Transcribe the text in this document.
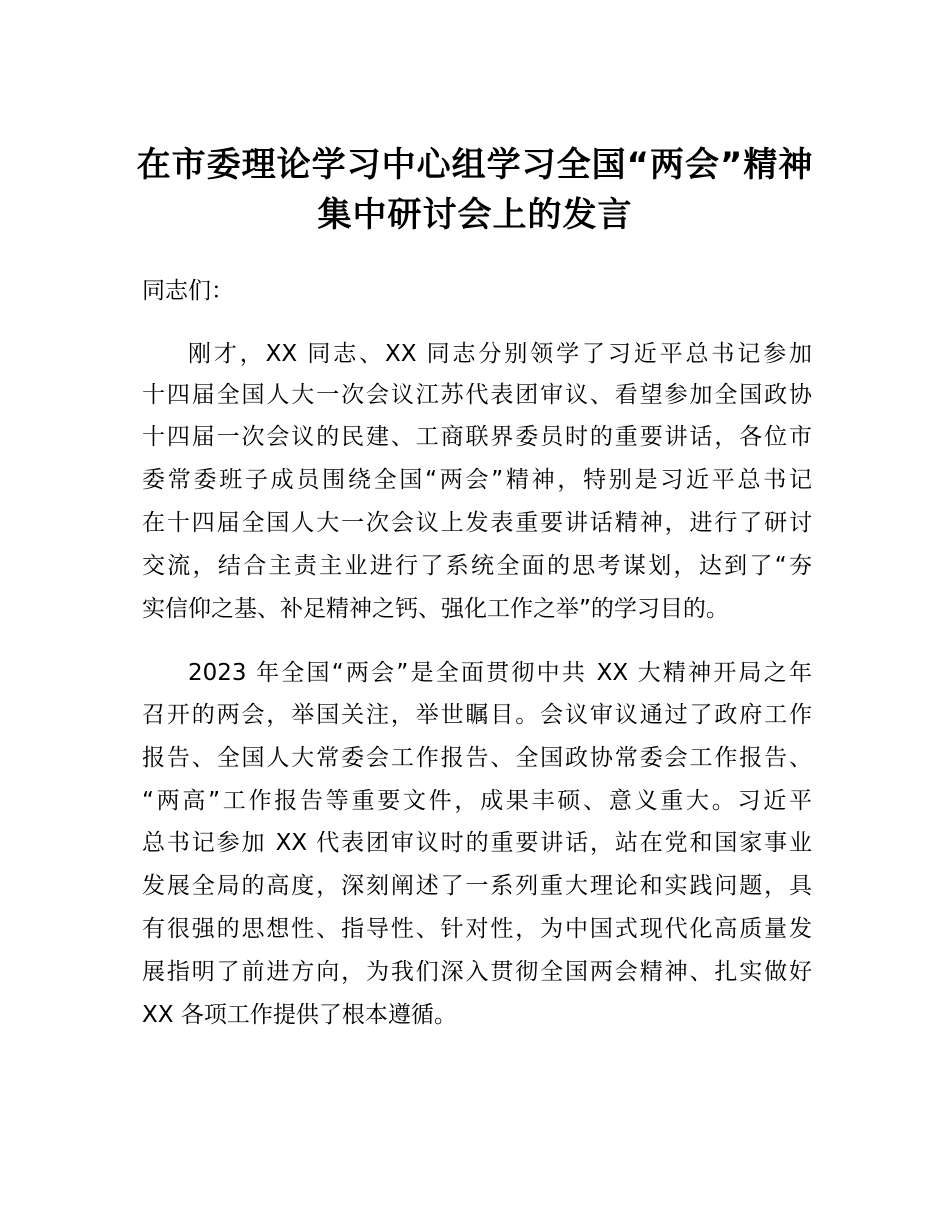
在市委理论学习中心组学习全国“两会”精神
集中研讨会上的发言
同志们：
刚才，XX 同志、XX 同志分别领学了习近平总书记参加
十四届全国人大一次会议江苏代表团审议、看望参加全国政协
十四届一次会议的民建、工商联界委员时的重要讲话，各位市
委常委班子成员围绕全国“两会”精神，特别是习近平总书记
在十四届全国人大一次会议上发表重要讲话精神，进行了研讨
交流，结合主责主业进行了系统全面的思考谋划，达到了“夯
实信仰之基、补足精神之钙、强化工作之举”的学习目的。
2023 年全国“两会”是全面贯彻中共 XX 大精神开局之年
召开的两会，举国关注，举世瞩目。会议审议通过了政府工作
报告、全国人大常委会工作报告、全国政协常委会工作报告、
“两高”工作报告等重要文件，成果丰硕、意义重大。习近平
总书记参加 XX 代表团审议时的重要讲话，站在党和国家事业
发展全局的高度，深刻阐述了一系列重大理论和实践问题，具
有很强的思想性、指导性、针对性，为中国式现代化高质量发
展指明了前进方向，为我们深入贯彻全国两会精神、扎实做好
XX 各项工作提供了根本遵循。
